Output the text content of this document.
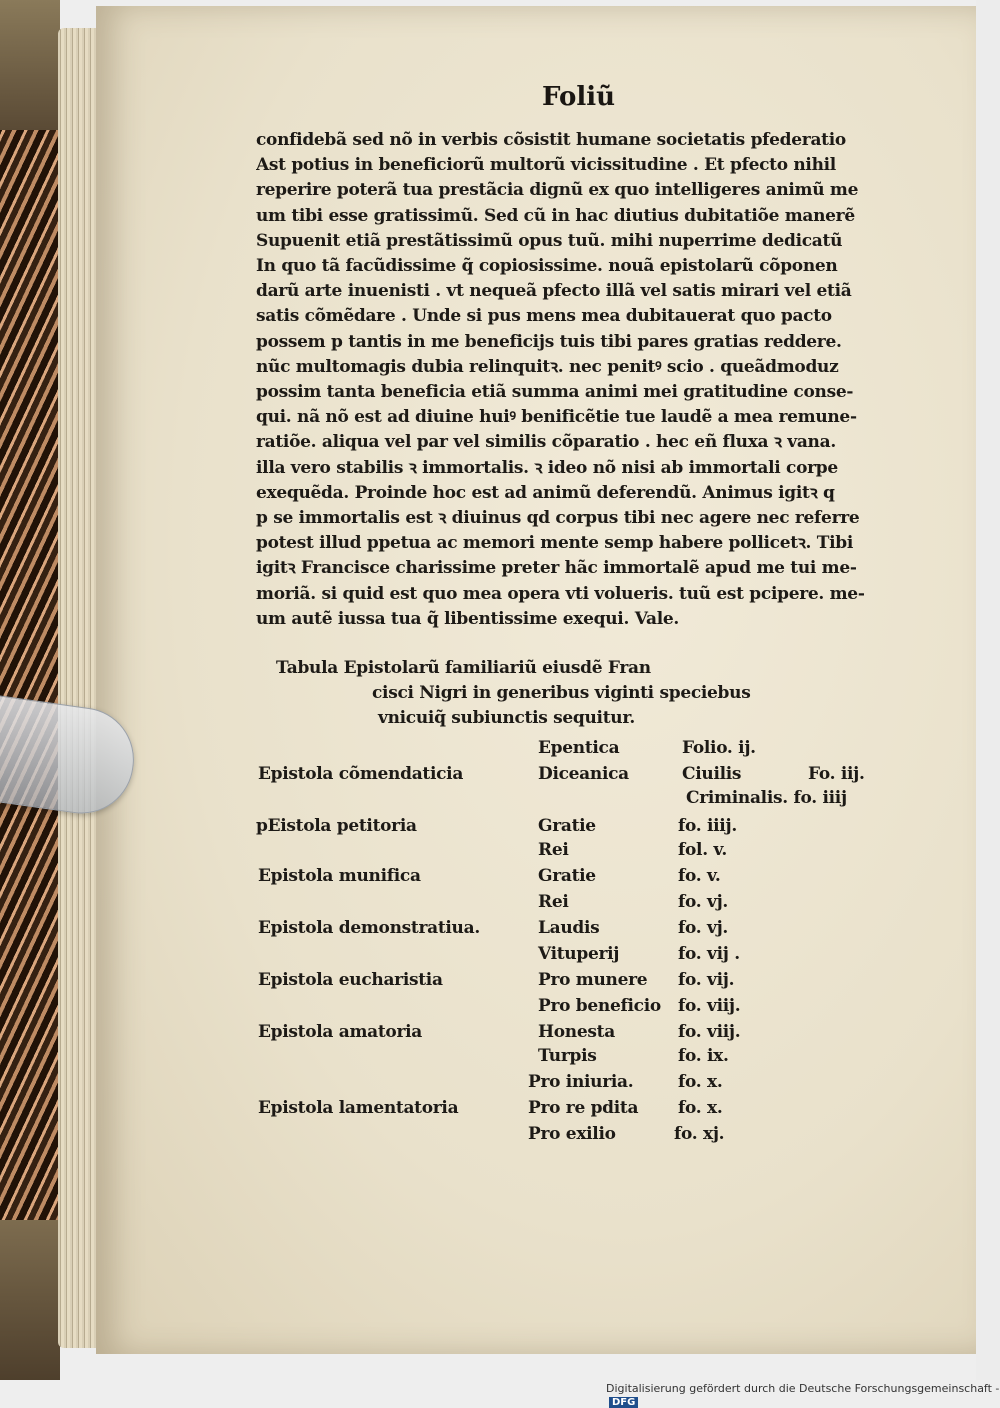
Foliũ
confidebã sed nõ in verbis cõsistit humane societatis pfederatio
Ast potius in beneficiorũ multorũ vicissitudine . Et pfecto nihil
reperire poterã tua prestãcia dignũ ex quo intelligeres animũ me
um tibi esse gratissimũ. Sed cũ in hac diutius dubitatiõe manerẽ
Supuenit etiã prestãtissimũ opus tuũ. mihi nuperrime dedicatũ
In quo tã facũdissime q̃ copiosissime. nouã epistolarũ cõponen
darũ arte inuenisti . vt nequeã pfecto illã vel satis mirari vel etiã
satis cõmẽdare . Unde si pus mens mea dubitauerat quo pacto
possem p tantis in me beneficijs tuis tibi pares gratias reddere.
nũc multomagis dubia relinquitꝛ. nec penitꝰ scio . queãdmoduz
possim tanta beneficia etiã summa animi mei gratitudine conse-
qui. nã nõ est ad diuine huiꝰ benificẽtie tue laudẽ a mea remune-
ratiõe. aliqua vel par vel similis cõparatio . hec eñ fluxa ꝛ vana.
illa vero stabilis ꝛ immortalis. ꝛ ideo nõ nisi ab immortali corpe
exequẽda. Proinde hoc est ad animũ deferendũ. Animus igitꝛ q
p se immortalis est ꝛ diuinus qd corpus tibi nec agere nec referre
potest illud ppetua ac memori mente semp habere pollicetꝛ. Tibi
igitꝛ Francisce charissime preter hãc immortalẽ apud me tui me-
moriã. si quid est quo mea opera vti volueris. tuũ est pcipere. me-
um autẽ iussa tua q̃ libentissime exequi. Vale.
Tabula Epistolarũ familiariũ eiusdẽ Fran
cisci Nigri in generibus viginti speciebus
vnicuiq̃ subiunctis sequitur.
Epistola cõmendaticia
pEistola petitoria
Epistola munifica
Epistola demonstratiua.
Epistola eucharistia
Epistola amatoria
Epistola lamentatoria
Epentica
Diceanica
Gratie
Rei
Gratie
Rei
Laudis
Vituperij
Pro munere
Pro beneficio
Honesta
Turpis
Pro iniuria.
Pro re pdita
Pro exilio
Folio. ij.
Ciuilis	Fo. iij.
Criminalis. fo. iiij
fo. iiij.
fol. v.
fo. v.
fo. vj.
fo. vj.
fo. vij .
fo. vij.
fo. viij.
fo. viij.
fo. ix.
fo. x.
fo. x.
fo. xj.
Digitalisierung gefördert durch die Deutsche Forschungsgemeinschaft -DFG
